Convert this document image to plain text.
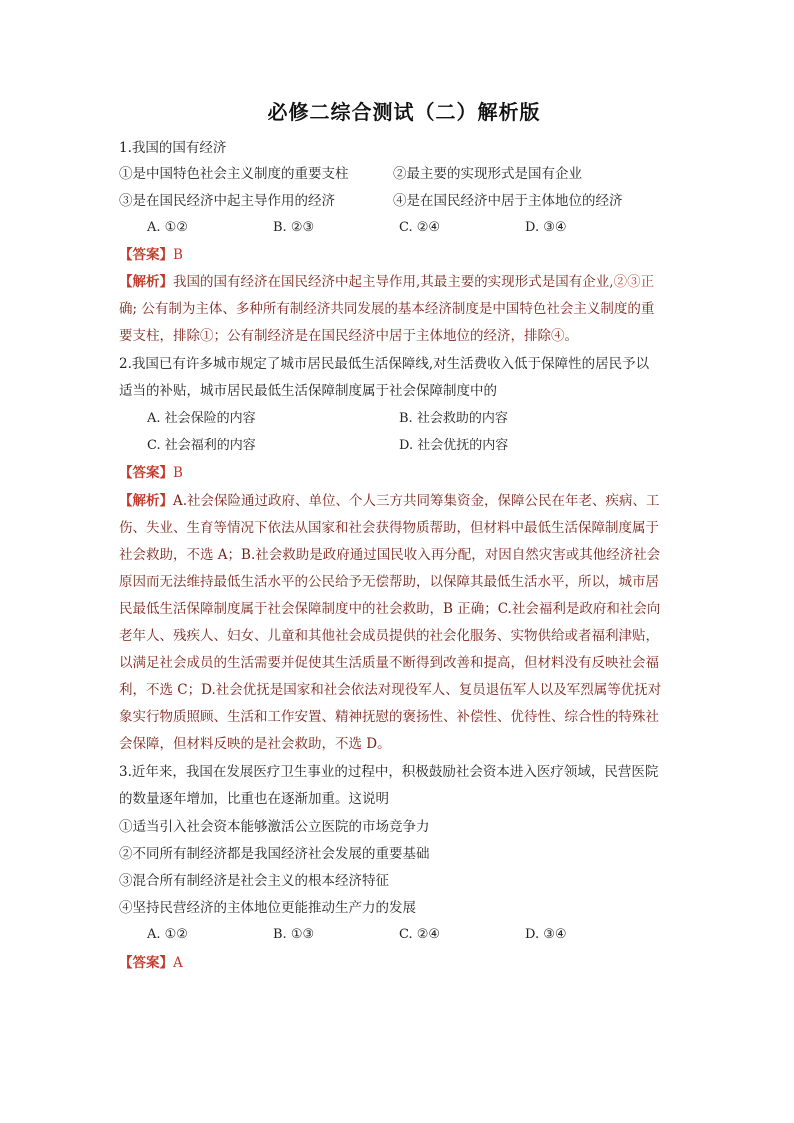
必修二综合测试（二）解析版
1.我国的国有经济
①是中国特色社会主义制度的重要支柱	②最主要的实现形式是国有企业
③是在国民经济中起主导作用的经济	④是在国民经济中居于主体地位的经济
A. ①②	B. ②③	C. ②④	D. ③④
【答案】B
【解析】我国的国有经济在国民经济中起主导作用,其最主要的实现形式是国有企业,②③正
确; 公有制为主体、多种所有制经济共同发展的基本经济制度是中国特色社会主义制度的重
要支柱，排除①；公有制经济是在国民经济中居于主体地位的经济，排除④。
2.我国已有许多城市规定了城市居民最低生活保障线,对生活费收入低于保障性的居民予以
适当的补贴，城市居民最低生活保障制度属于社会保障制度中的
A. 社会保险的内容	B. 社会救助的内容
C. 社会福利的内容	D. 社会优抚的内容
【答案】B
【解析】A.社会保险通过政府、单位、个人三方共同筹集资金，保障公民在年老、疾病、工
伤、失业、生育等情况下依法从国家和社会获得物质帮助，但材料中最低生活保障制度属于
社会救助，不选 A；B.社会救助是政府通过国民收入再分配，对因自然灾害或其他经济社会
原因而无法维持最低生活水平的公民给予无偿帮助，以保障其最低生活水平，所以，城市居
民最低生活保障制度属于社会保障制度中的社会救助，B 正确；C.社会福利是政府和社会向
老年人、残疾人、妇女、儿童和其他社会成员提供的社会化服务、实物供给或者福利津贴，
以满足社会成员的生活需要并促使其生活质量不断得到改善和提高，但材料没有反映社会福
利，不选 C；D.社会优抚是国家和社会依法对现役军人、复员退伍军人以及军烈属等优抚对
象实行物质照顾、生活和工作安置、精神抚慰的褒扬性、补偿性、优待性、综合性的特殊社
会保障，但材料反映的是社会救助，不选 D。
3.近年来，我国在发展医疗卫生事业的过程中，积极鼓励社会资本进入医疗领域，民营医院
的数量逐年增加，比重也在逐渐加重。这说明
①适当引入社会资本能够激活公立医院的市场竞争力
②不同所有制经济都是我国经济社会发展的重要基础
③混合所有制经济是社会主义的根本经济特征
④坚持民营经济的主体地位更能推动生产力的发展
A. ①②	B. ①③	C. ②④	D. ③④
【答案】A
